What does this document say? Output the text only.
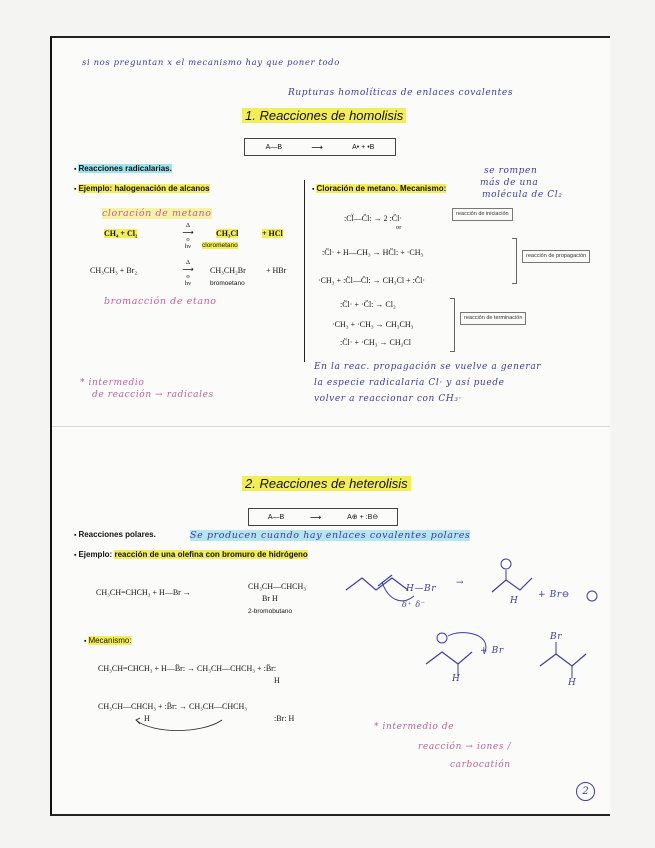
si nos preguntan x el mecanismo hay que poner todo
Rupturas homolíticas de enlaces covalentes
1. Reacciones de homolisis
A—B	⟶	A• + •B
▪ Reacciones radicalarias.
▪ Ejemplo: halogenación de alcanos
cloración de metano
CH₄ + Cl₂
Δ
⟶
o
hν
CH₃Cl	+ HCl
clorometano
CH₃CH₃ + Br₂
Δ
⟶
o
hν
CH₃CH₂Br	+ HBr
bromoetano
bromacción de etano
* intermedio
de reacción → radicales
▪ Cloración de metano. Mecanismo:
se rompen
más de una
molécula de Cl₂
:Cl̈—C̈l: → 2 :C̈l·
or
reacción de iniciación
:C̈l· + H—CH₃ → HC̈l: + ·CH₃
·CH₃ + :C̈l—C̈l: → CH₃Cl + :C̈l·
reacción de propagación
:C̈l· + ·C̈l: → Cl₂
·CH₃ + ·CH₃ → CH₃CH₃
:C̈l· + ·CH₃ → CH₃Cl
reacción de terminación
En la reac. propagación se vuelve a generar
la especie radicalaria Cl· y así puede
volver a reaccionar con CH₃·
2. Reacciones de heterolisis
A—B	⟶	A⊕ + :B⊖
▪ Reacciones polares.	Se producen cuando hay enlaces covalentes polares
▪ Ejemplo: reacción de una olefina con bromuro de hidrógeno
CH₃CH=CHCH₃ + H—Br →
CH₃CH—CHCH₃
Br H
2-bromobutano
H—Br
δ⁺ δ⁻
→
H
+ Br⊖
▪ Mecanismo:
CH₃CH=CHCH₃ + H—B̈r: → CH₃CH—CHCH₃ + :B̈r:
H
CH₃CH—CHCH₃ + :B̈r: → CH₃CH—CHCH₃
H	:Br: H
+ Br
H
Br
H
* intermedio de
reacción → iones /
carbocatión
2
